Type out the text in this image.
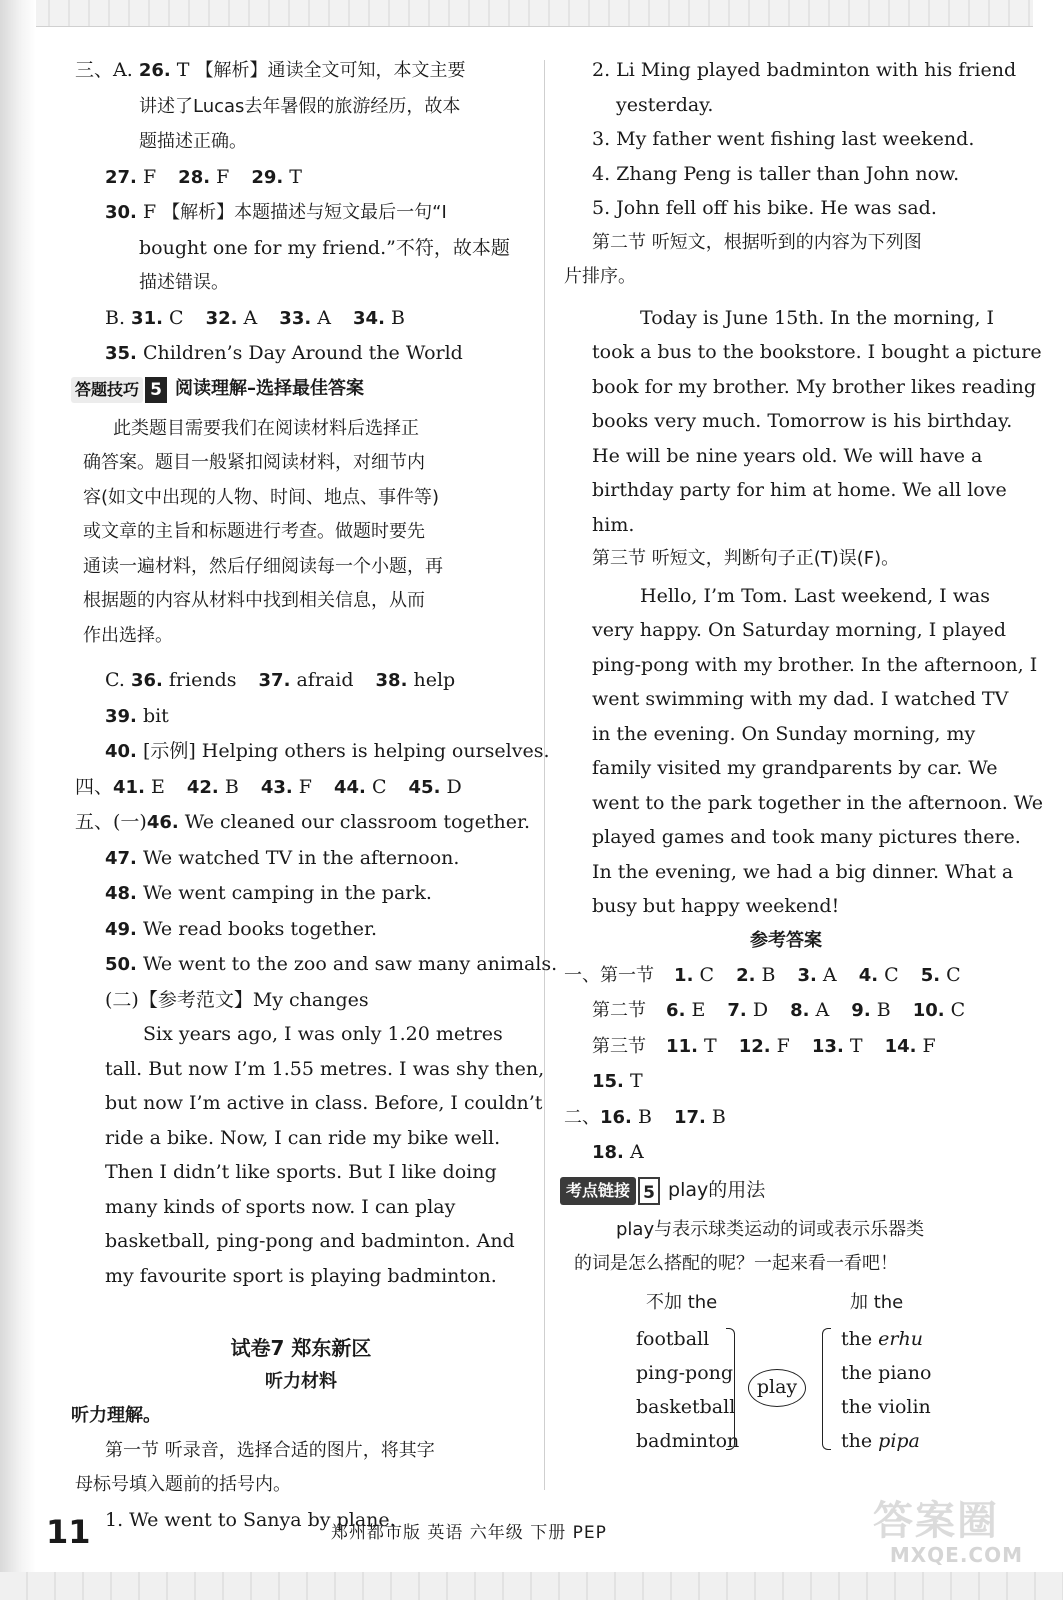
三、A. 26. T 【解析】通读全文可知，本文主要
讲述了Lucas去年暑假的旅游经历，故本
题描述正确。
27. F 28. F 29. T
30. F 【解析】本题描述与短文最后一句“I
bought one for my friend.”不符，故本题
描述错误。
B. 31. C 32. A 33. A 34. B
35. Children’s Day Around the World
答题技巧 5 阅读理解–选择最佳答案
此类题目需要我们在阅读材料后选择正
确答案。题目一般紧扣阅读材料，对细节内
容(如文中出现的人物、时间、地点、事件等)
或文章的主旨和标题进行考查。做题时要先
通读一遍材料，然后仔细阅读每一个小题，再
根据题的内容从材料中找到相关信息，从而
作出选择。
C. 36. friends 37. afraid 38. help
39. bit
40. [示例] Helping others is helping ourselves.
四、41. E 42. B 43. F 44. C 45. D
五、(一)46. We cleaned our classroom together.
47. We watched TV in the afternoon.
48. We went camping in the park.
49. We read books together.
50. We went to the zoo and saw many animals.
(二)【参考范文】My changes
Six years ago, I was only 1.20 metres
tall. But now I’m 1.55 metres. I was shy then,
but now I’m active in class. Before, I couldn’t
ride a bike. Now, I can ride my bike well.
Then I didn’t like sports. But I like doing
many kinds of sports now. I can play
basketball, ping-pong and badminton. And
my favourite sport is playing badminton.
试卷7 郑东新区
听力材料
听力理解。
第一节 听录音，选择合适的图片，将其字
母标号填入题前的括号内。
1. We went to Sanya by plane.
2. Li Ming played badminton with his friend
yesterday.
3. My father went fishing last weekend.
4. Zhang Peng is taller than John now.
5. John fell off his bike. He was sad.
第二节 听短文，根据听到的内容为下列图
片排序。
Today is June 15th. In the morning, I
took a bus to the bookstore. I bought a picture
book for my brother. My brother likes reading
books very much. Tomorrow is his birthday.
He will be nine years old. We will have a
birthday party for him at home. We all love
him.
第三节 听短文，判断句子正(T)误(F)。
Hello, I’m Tom. Last weekend, I was
very happy. On Saturday morning, I played
ping-pong with my brother. In the afternoon, I
went swimming with my dad. I watched TV
in the evening. On Sunday morning, my
family visited my grandparents by car. We
went to the park together in the afternoon. We
played games and took many pictures there.
In the evening, we had a big dinner. What a
busy but happy weekend!
参考答案
一、第一节 1. C 2. B 3. A 4. C 5. C
第二节 6. E 7. D 8. A 9. B 10. C
第三节 11. T 12. F 13. T 14. F
15. T
二、16. B 17. B
18. A
考点链接 5 play的用法
play与表示球类运动的词或表示乐器类
的词是怎么搭配的呢？一起来看一看吧！
不加 the	加 the
football
ping-pong
basketball
badminton
play
the erhu
the piano
the violin
the pipa
11	郑州都市版 英语 六年级 下册 PEP	答案圈
MXQE.COM
